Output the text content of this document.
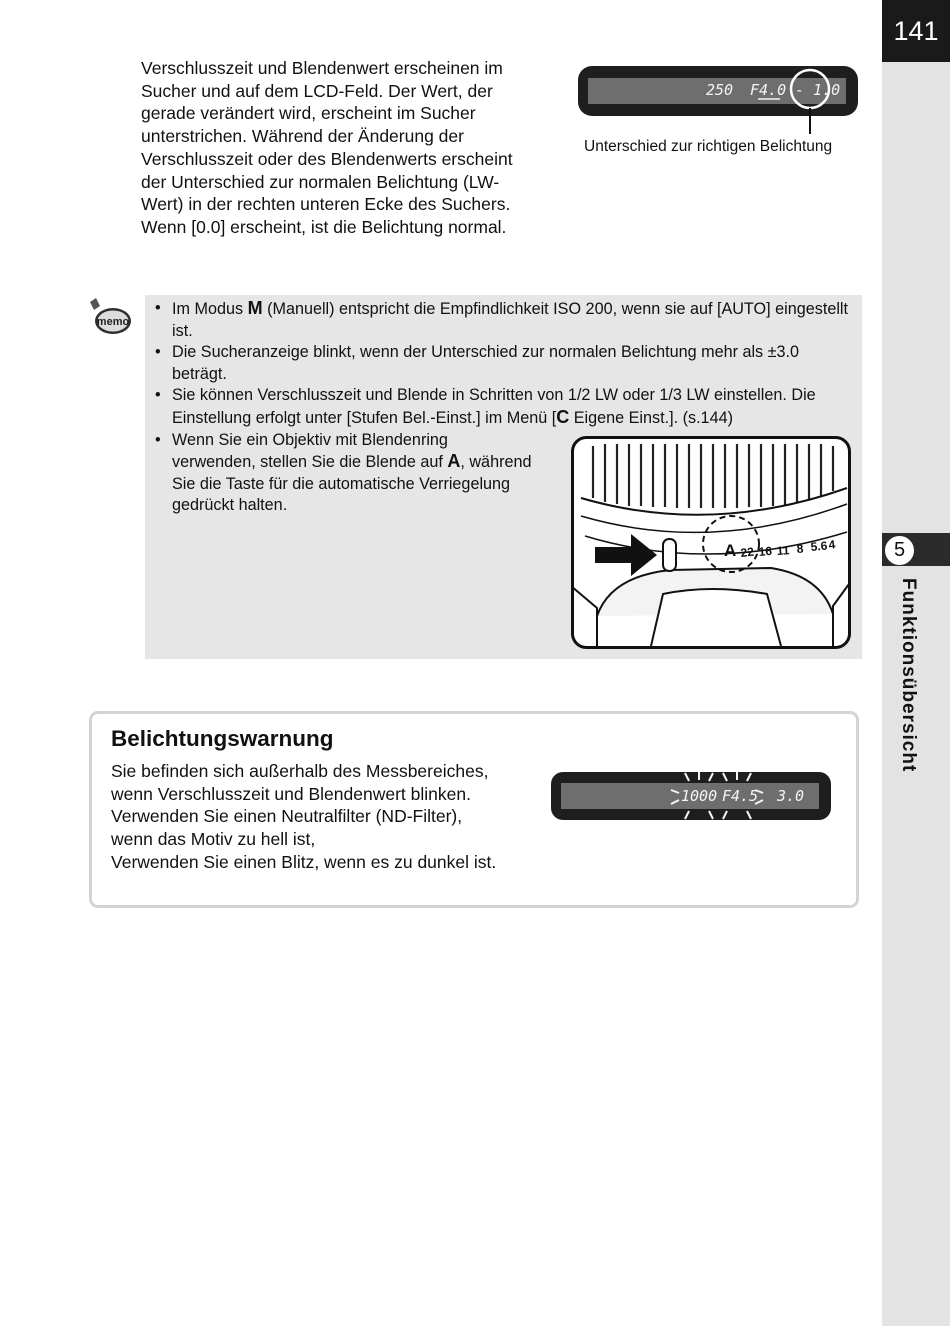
141
5
Funktionsübersicht
Verschlusszeit und Blendenwert erscheinen im Sucher und auf dem LCD-Feld. Der Wert, der gerade verändert wird, erscheint im Sucher unterstrichen. Während der Änderung der Verschlusszeit oder des Blendenwerts erscheint der Unterschied zur normalen Belichtung (LW-Wert) in der rechten unteren Ecke des Suchers. Wenn [0.0] erscheint, ist die Belichtung normal.
250 F4.0 - 1.0
Unterschied zur richtigen Belichtung
memo
• Im Modus M (Manuell) entspricht die Empfindlichkeit ISO 200, wenn sie auf [AUTO] eingestellt ist.
• Die Sucheranzeige blinkt, wenn der Unterschied zur normalen Belichtung mehr als ±3.0 beträgt.
• Sie können Verschlusszeit und Blende in Schritten von 1/2 LW oder 1/3 LW einstellen. Die Einstellung erfolgt unter [Stufen Bel.-Einst.] im Menü [C Eigene Einst.]. (s.144)
• Wenn Sie ein Objektiv mit Blendenring verwenden, stellen Sie die Blende auf A, während Sie die Taste für die automatische Verriegelung gedrückt halten.
A 22 16 11 8 5.6 4
Belichtungswarnung
Sie befinden sich außerhalb des Messbereiches,
wenn Verschlusszeit und Blendenwert blinken.
Verwenden Sie einen Neutralfilter (ND-Filter),
wenn das Motiv zu hell ist,
Verwenden Sie einen Blitz, wenn es zu dunkel ist.
1000 F4.5 3.0
